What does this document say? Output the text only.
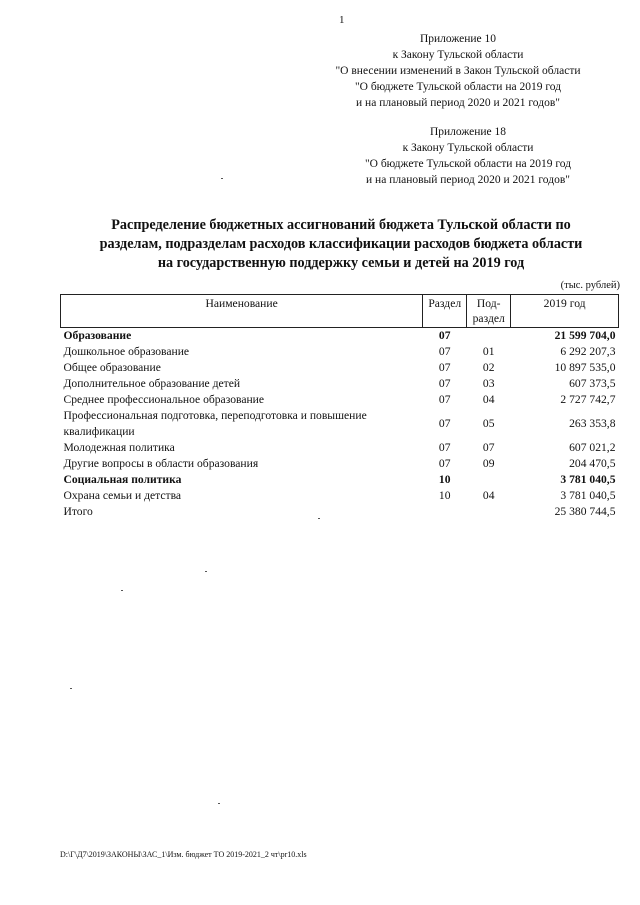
1
Приложение 10
к Закону Тульской области
"О внесении изменений в Закон Тульской области
"О бюджете Тульской области на 2019 год
и на плановый период 2020 и 2021 годов"
Приложение 18
к Закону Тульской области
"О бюджете Тульской области на 2019 год
и на плановый период 2020 и 2021 годов"
Распределение бюджетных ассигнований бюджета Тульской области по
разделам, подразделам расходов классификации расходов бюджета области
на государственную поддержку семьи и детей на 2019 год
(тыс. рублей)
Наименование	Раздел	Под- раздел	2019 год
Образование	07		21 599 704,0
Дошкольное образование	07	01	6 292 207,3
Общее образование	07	02	10 897 535,0
Дополнительное образование детей	07	03	607 373,5
Среднее профессиональное образование	07	04	2 727 742,7
Профессиональная подготовка, переподготовка и повышение квалификации	07	05	263 353,8
Молодежная политика	07	07	607 021,2
Другие вопросы в области образования	07	09	204 470,5
Социальная политика	10		3 781 040,5
Охрана семьи и детства	10	04	3 781 040,5
Итого			25 380 744,5
D:\Г\Д7\2019\ЗАКОНЫ\ЗАС_1\Изм. бюджет ТО 2019-2021_2 чт\pr10.xls
